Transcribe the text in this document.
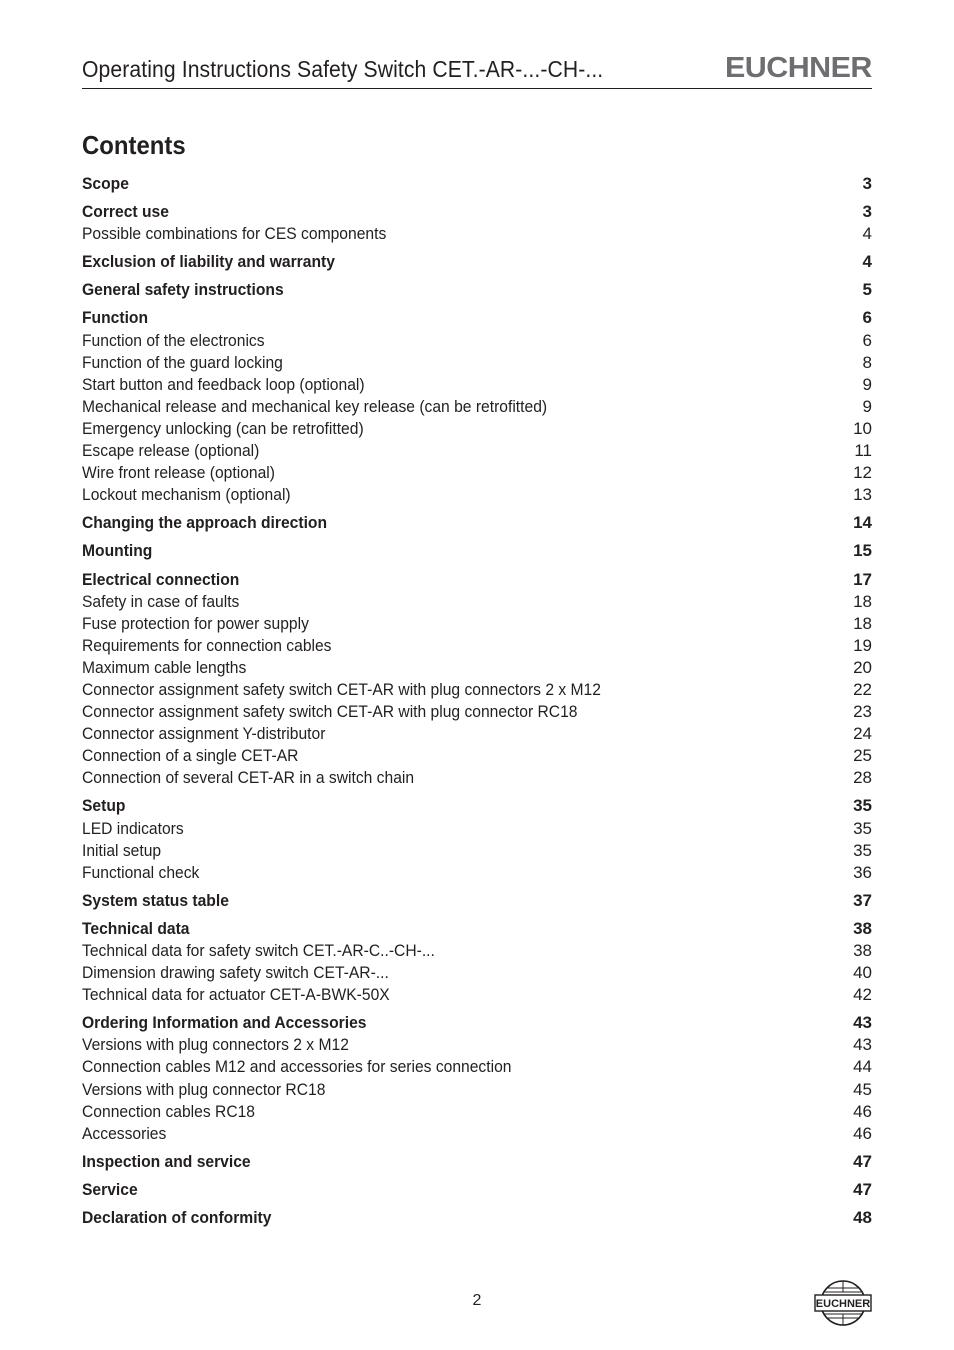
Operating Instructions Safety Switch CET.-AR-...-CH-...	EUCHNER
Contents
Scope	3
Correct use	3
Possible combinations for CES components	4
Exclusion of liability and warranty	4
General safety instructions	5
Function	6
Function of the electronics	6
Function of the guard locking	8
Start button and feedback loop (optional)	9
Mechanical release and mechanical key release (can be retrofitted)	9
Emergency unlocking (can be retrofitted)	10
Escape release (optional)	11
Wire front release (optional)	12
Lockout mechanism (optional)	13
Changing the approach direction	14
Mounting	15
Electrical connection	17
Safety in case of faults	18
Fuse protection for power supply	18
Requirements for connection cables	19
Maximum cable lengths	20
Connector assignment safety switch CET-AR with plug connectors 2 x M12	22
Connector assignment safety switch CET-AR with plug connector RC18	23
Connector assignment Y-distributor	24
Connection of a single CET-AR	25
Connection of several CET-AR in a switch chain	28
Setup	35
LED indicators	35
Initial setup	35
Functional check	36
System status table	37
Technical data	38
Technical data for safety switch CET.-AR-C..-CH-...	38
Dimension drawing safety switch CET-AR-...	40
Technical data for actuator CET-A-BWK-50X	42
Ordering Information and Accessories	43
Versions with plug connectors 2 x M12	43
Connection cables M12 and accessories for series connection	44
Versions with plug connector RC18	45
Connection cables RC18	46
Accessories	46
Inspection and service	47
Service	47
Declaration of conformity	48
2	EUCHNER
